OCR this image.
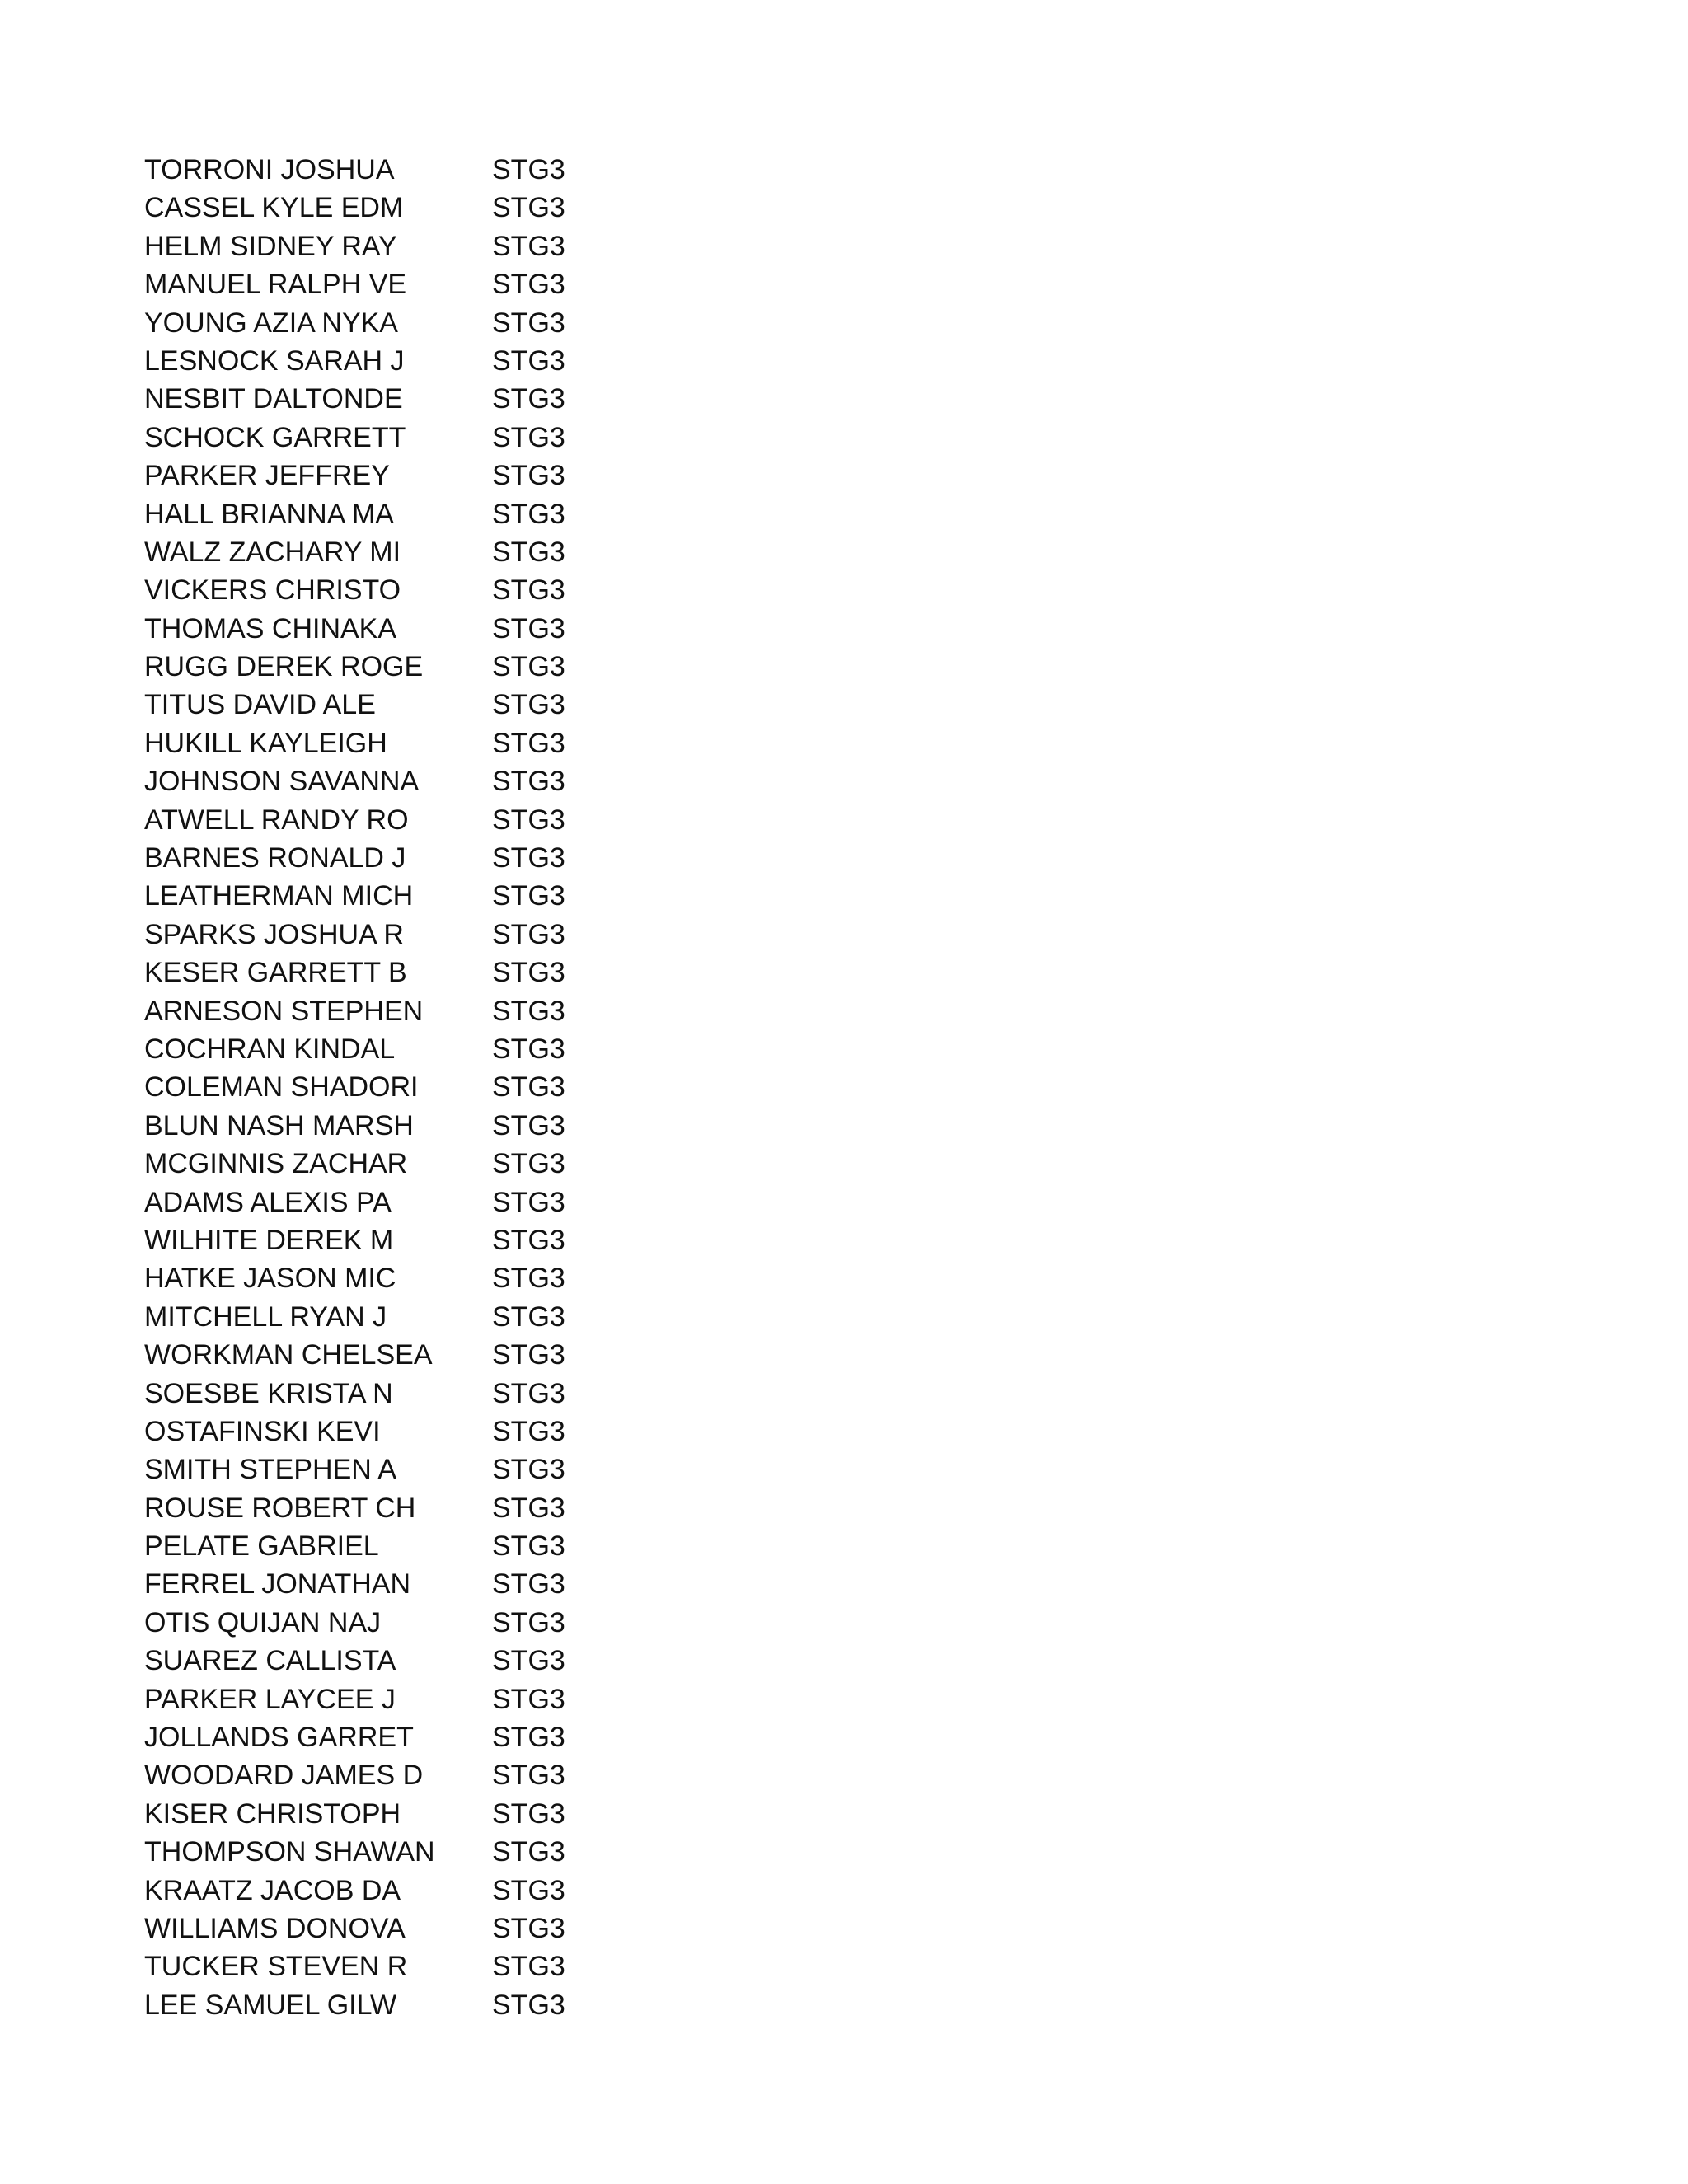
TORRONI JOSHUA	STG3
CASSEL KYLE EDM	STG3
HELM SIDNEY RAY	STG3
MANUEL RALPH VE	STG3
YOUNG AZIA NYKA	STG3
LESNOCK SARAH J	STG3
NESBIT DALTONDE	STG3
SCHOCK GARRETT	STG3
PARKER JEFFREY	STG3
HALL BRIANNA MA	STG3
WALZ ZACHARY MI	STG3
VICKERS CHRISTO	STG3
THOMAS CHINAKA	STG3
RUGG DEREK ROGE STG3
TITUS DAVID ALE	STG3
HUKILL KAYLEIGH	STG3
JOHNSON SAVANNA	STG3
ATWELL RANDY RO	STG3
BARNES RONALD J	STG3
LEATHERMAN MICH	STG3
SPARKS JOSHUA R	STG3
KESER GARRETT B	STG3
ARNESON STEPHEN STG3
COCHRAN KINDAL	STG3
COLEMAN SHADORI	STG3
BLUN NASH MARSH	STG3
MCGINNIS ZACHAR	STG3
ADAMS ALEXIS PA	STG3
WILHITE DEREK M	STG3
HATKE JASON MIC	STG3
MITCHELL RYAN J	STG3
WORKMAN CHELSEA STG3
SOESBE KRISTA N	STG3
OSTAFINSKI KEVI	STG3
SMITH STEPHEN A	STG3
ROUSE ROBERT CH	STG3
PELATE GABRIEL	STG3
FERREL JONATHAN	STG3
OTIS QUIJAN NAJ	STG3
SUAREZ CALLISTA	STG3
PARKER LAYCEE J	STG3
JOLLANDS GARRET	STG3
WOODARD JAMES D STG3
KISER CHRISTOPH	STG3
THOMPSON SHAWAN STG3
KRAATZ JACOB DA	STG3
WILLIAMS DONOVA	STG3
TUCKER STEVEN R	STG3
LEE SAMUEL GILW	STG3
